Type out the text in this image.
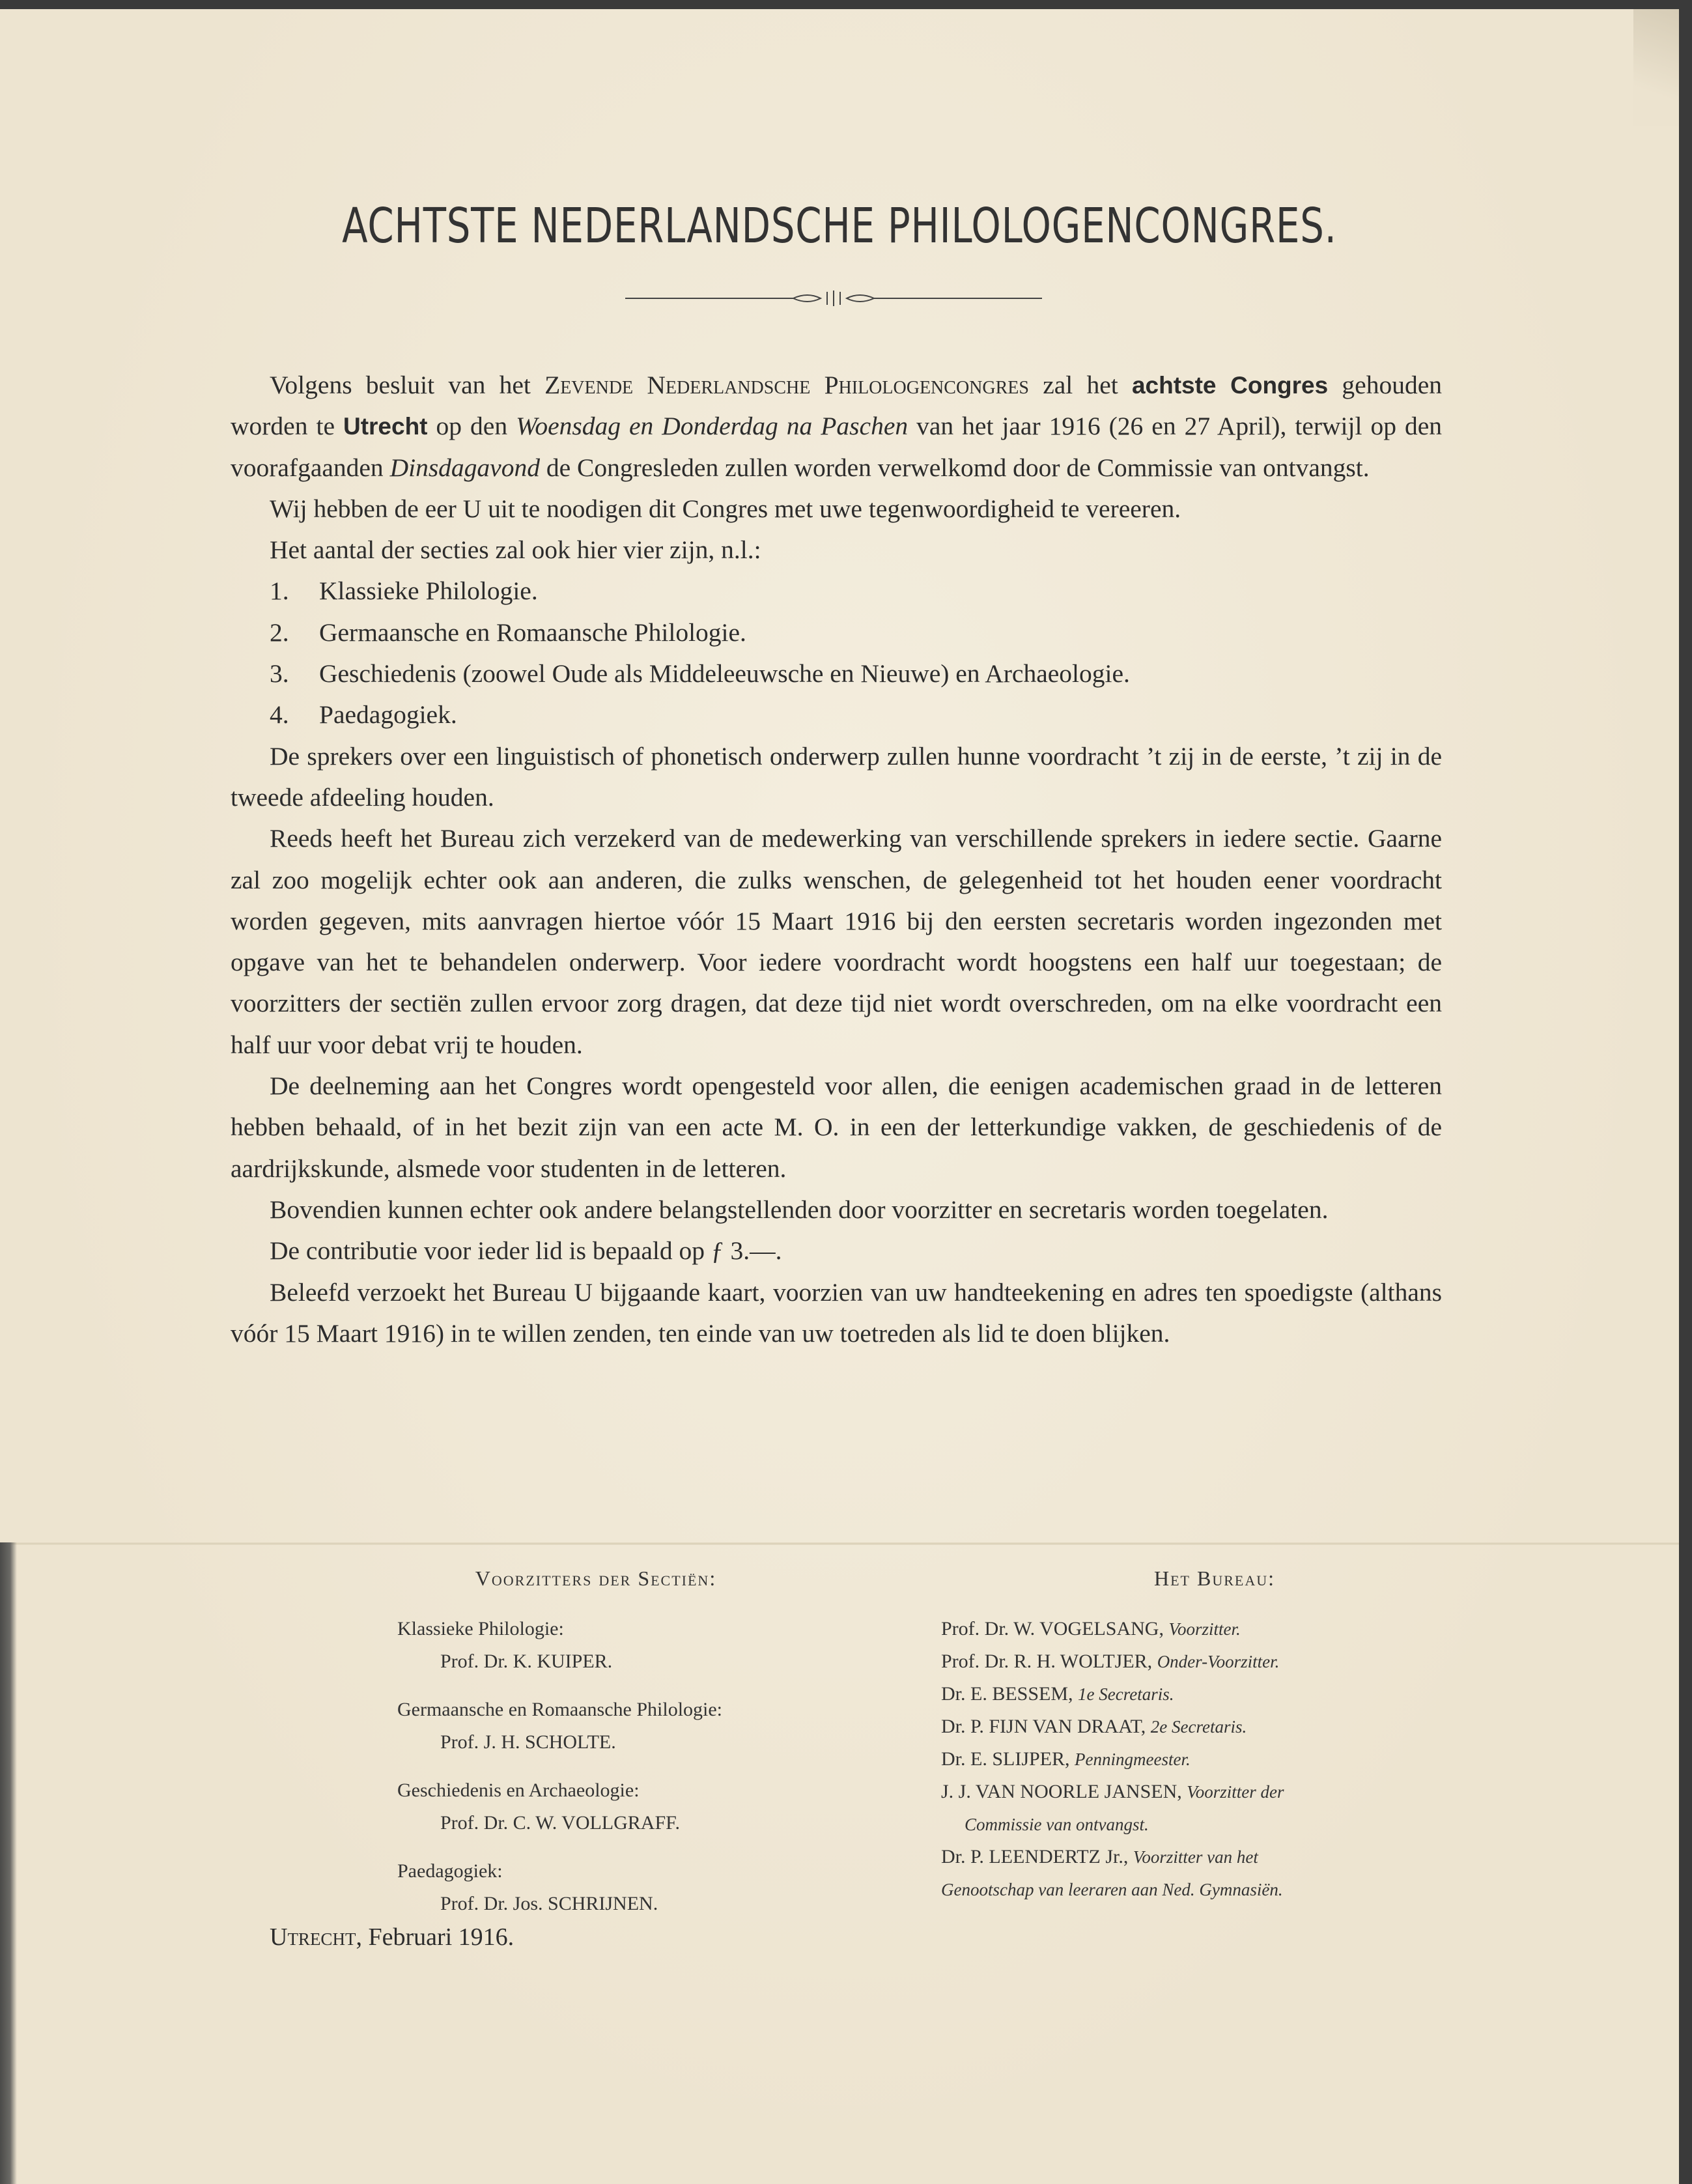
ACHTSTE NEDERLANDSCHE PHILOLOGENCONGRES.

Volgens besluit van het Zevende Nederlandsche Philologencongres zal het achtste Congres gehouden worden te Utrecht op den Woensdag en Donderdag na Paschen van het jaar 1916 (26 en 27 April), terwijl op den voorafgaanden Dinsdagavond de Congresleden zullen worden verwelkomd door de Commissie van ontvangst.

Wij hebben de eer U uit te noodigen dit Congres met uwe tegenwoordigheid te vereeren.

Het aantal der secties zal ook hier vier zijn, n.l.:

1.	Klassieke Philologie.
2.	Germaansche en Romaansche Philologie.
3.	Geschiedenis (zoowel Oude als Middeleeuwsche en Nieuwe) en Archaeologie.
4.	Paedagogiek.

De sprekers over een linguistisch of phonetisch onderwerp zullen hunne voordracht ’t zij in de eerste, ’t zij in de tweede afdeeling houden.

Reeds heeft het Bureau zich verzekerd van de medewerking van verschillende sprekers in iedere sectie. Gaarne zal zoo mogelijk echter ook aan anderen, die zulks wenschen, de gelegenheid tot het houden eener voordracht worden gegeven, mits aanvragen hiertoe vóór 15 Maart 1916 bij den eersten secretaris worden ingezonden met opgave van het te behandelen onderwerp. Voor iedere voordracht wordt hoogstens een half uur toegestaan; de voorzitters der sectiën zullen ervoor zorg dragen, dat deze tijd niet wordt overschreden, om na elke voordracht een half uur voor debat vrij te houden.

De deelneming aan het Congres wordt opengesteld voor allen, die eenigen academischen graad in de letteren hebben behaald, of in het bezit zijn van een acte M. O. in een der letterkundige vakken, de geschiedenis of de aardrijkskunde, alsmede voor studenten in de letteren.

Bovendien kunnen echter ook andere belangstellenden door voorzitter en secretaris worden toegelaten.

De contributie voor ieder lid is bepaald op ƒ 3.—.

Beleefd verzoekt het Bureau U bijgaande kaart, voorzien van uw handteekening en adres ten spoedigste (althans vóór 15 Maart 1916) in te willen zenden, ten einde van uw toetreden als lid te doen blijken.

Voorzitters der Sectiën:
Klassieke Philologie:
Prof. Dr. K. KUIPER.
Germaansche en Romaansche Philologie:
Prof. J. H. SCHOLTE.
Geschiedenis en Archaeologie:
Prof. Dr. C. W. VOLLGRAFF.
Paedagogiek:
Prof. Dr. Jos. SCHRIJNEN.
Het Bureau:
Prof. Dr. W. VOGELSANG, Voorzitter.
Prof. Dr. R. H. WOLTJER, Onder-Voorzitter.
Dr. E. BESSEM, 1e Secretaris.
Dr. P. FIJN VAN DRAAT, 2e Secretaris.
Dr. E. SLIJPER, Penningmeester.
J. J. VAN NOORLE JANSEN, Voorzitter der
Commissie van ontvangst.
Dr. P. LEENDERTZ Jr., Voorzitter van het
Genootschap van leeraren aan Ned. Gymnasiën.
Utrecht, Februari 1916.
